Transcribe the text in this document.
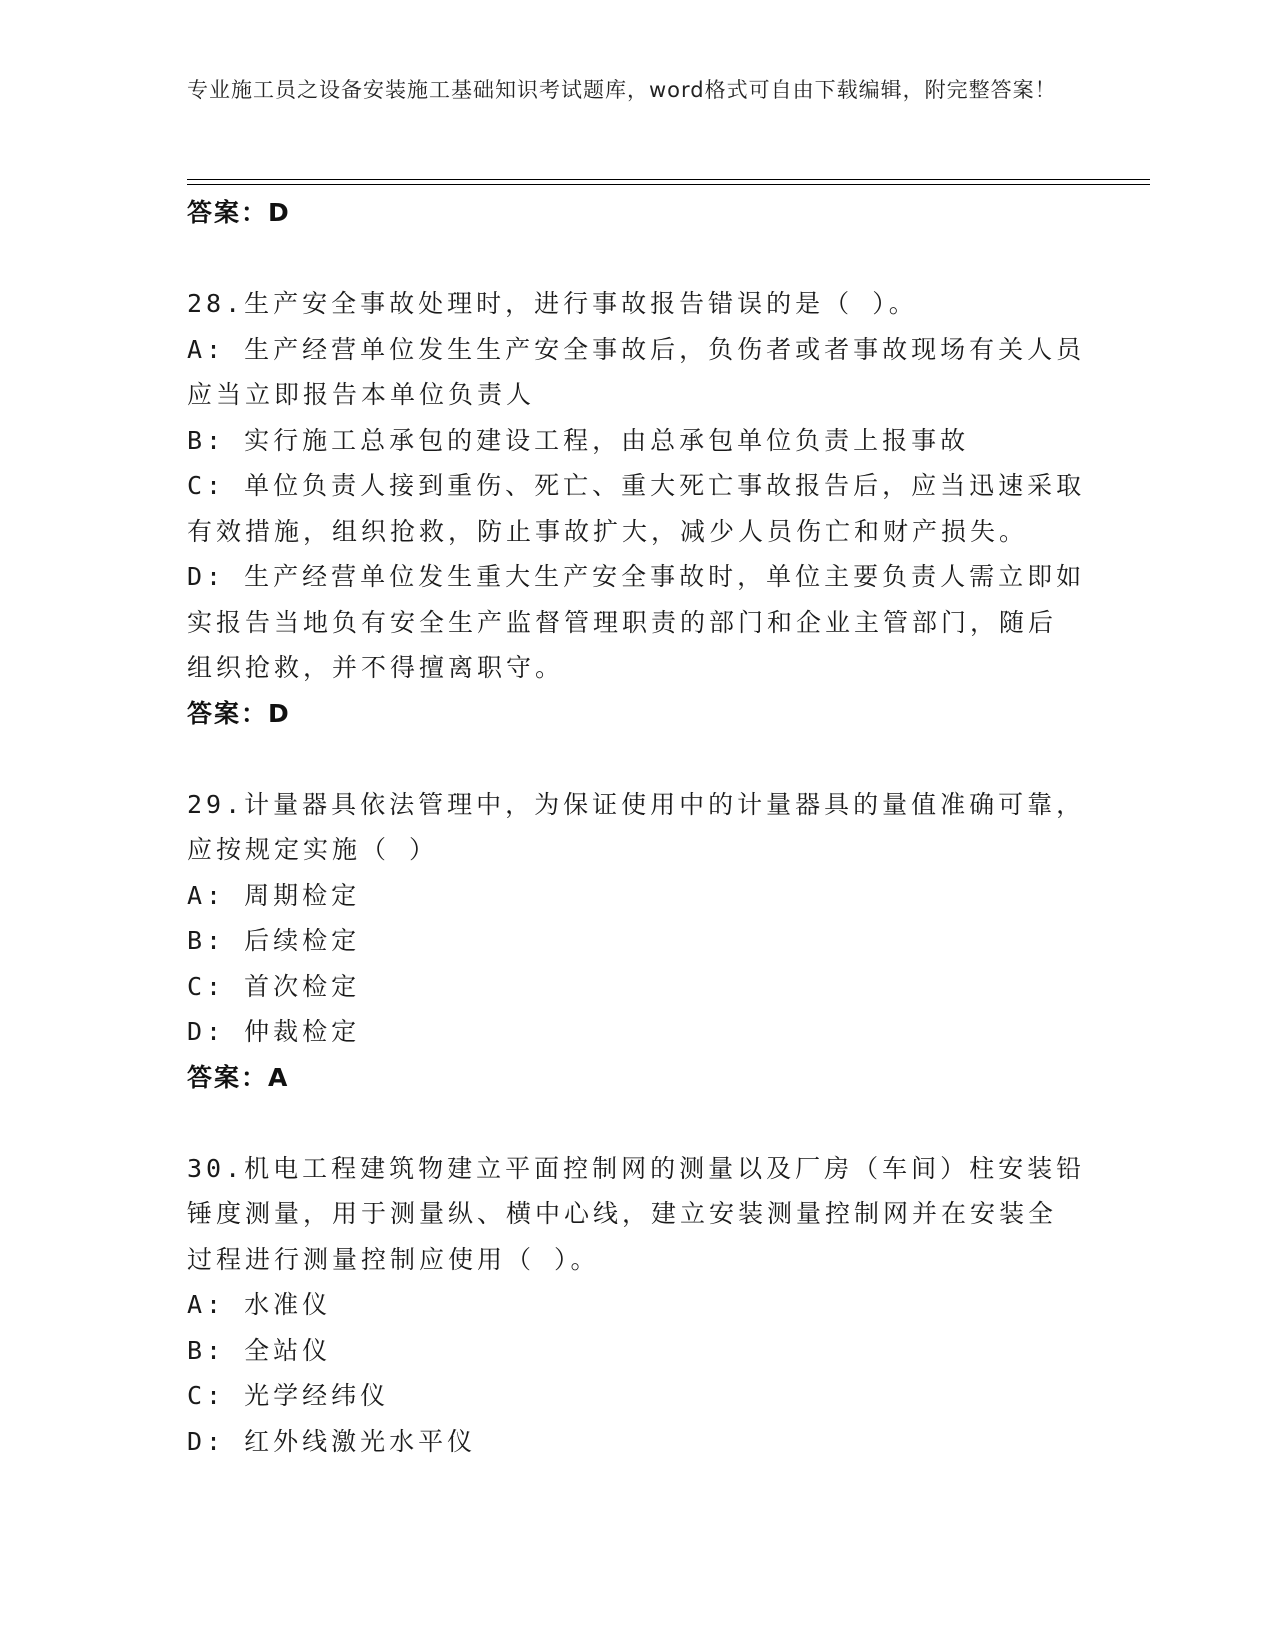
专业施工员之设备安装施工基础知识考试题库，word格式可自由下载编辑，附完整答案！
答案：D
28.生产安全事故处理时，进行事故报告错误的是（ ）。
A: 生产经营单位发生生产安全事故后，负伤者或者事故现场有关人员
应当立即报告本单位负责人
B: 实行施工总承包的建设工程，由总承包单位负责上报事故
C: 单位负责人接到重伤、死亡、重大死亡事故报告后，应当迅速采取
有效措施，组织抢救，防止事故扩大，减少人员伤亡和财产损失。
D: 生产经营单位发生重大生产安全事故时，单位主要负责人需立即如
实报告当地负有安全生产监督管理职责的部门和企业主管部门，随后
组织抢救，并不得擅离职守。
答案：D
29.计量器具依法管理中，为保证使用中的计量器具的量值准确可靠，
应按规定实施（ ）
A: 周期检定
B: 后续检定
C: 首次检定
D: 仲裁检定
答案：A
30.机电工程建筑物建立平面控制网的测量以及厂房（车间）柱安装铅
锤度测量，用于测量纵、横中心线，建立安装测量控制网并在安装全
过程进行测量控制应使用（ ）。
A: 水准仪
B: 全站仪
C: 光学经纬仪
D: 红外线激光水平仪
